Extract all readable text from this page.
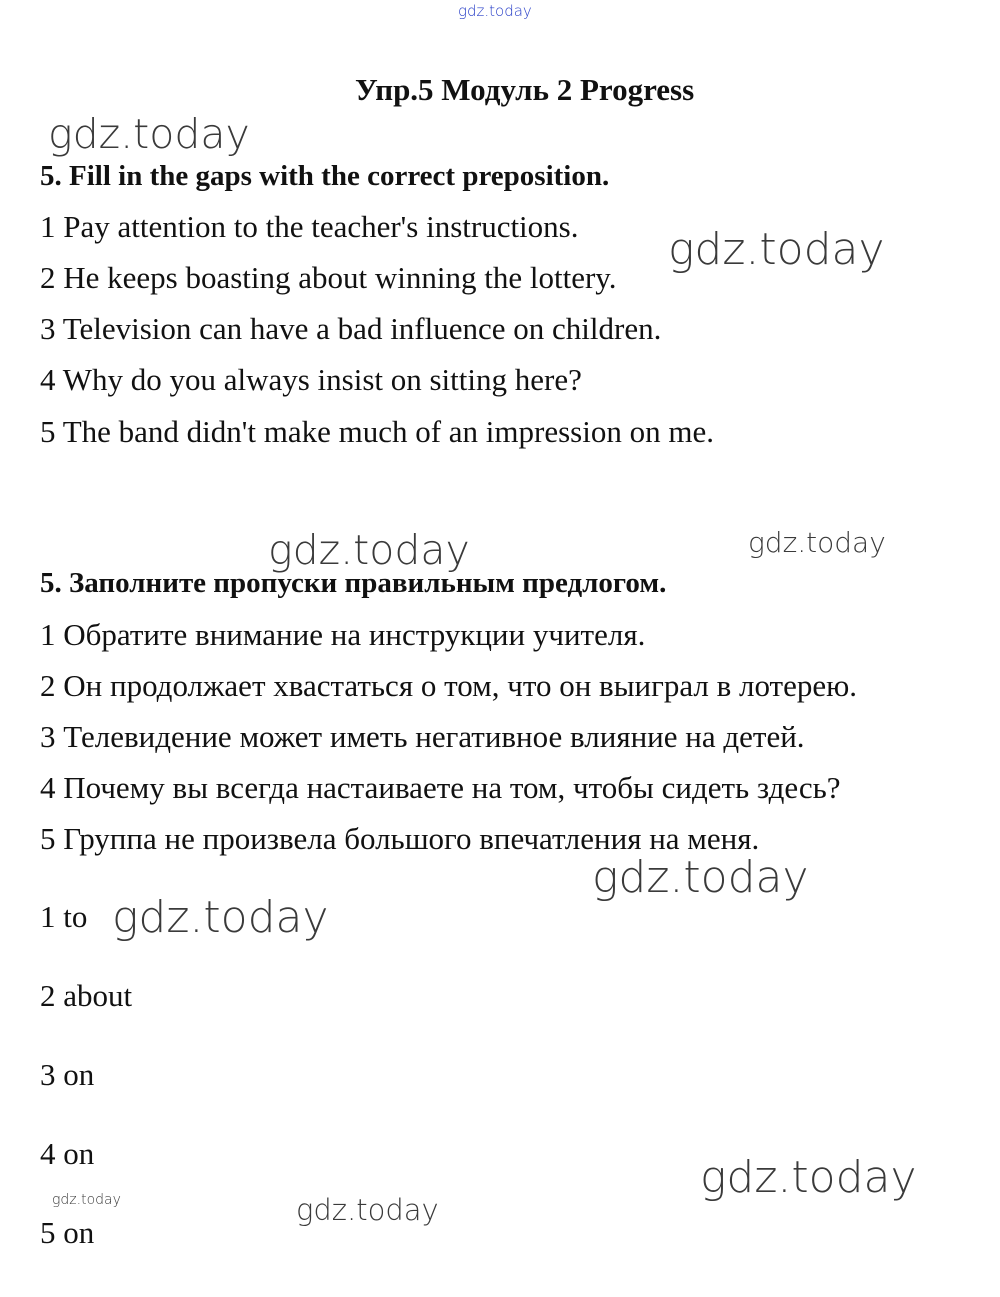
gdz.today
gdz.today
gdz.today
gdz.today	gdz.today
gdz.today
gdz.today
gdz.today
gdz.today	gdz.today
Упр.5 Модуль 2 Progress
5. Fill in the gaps with the correct preposition.
1 Pay attention to the teacher's instructions.
2 He keeps boasting about winning the lottery.
3 Television can have a bad influence on children.
4 Why do you always insist on sitting here?
5 The band didn't make much of an impression on me.
5. Заполните пропуски правильным предлогом.
1 Обратите внимание на инструкции учителя.
2 Он продолжает хвастаться о том, что он выиграл в лотерею.
3 Телевидение может иметь негативное влияние на детей.
4 Почему вы всегда настаиваете на том, чтобы сидеть здесь?
5 Группа не произвела большого впечатления на меня.
1 to
2 about
3 on
4 on
5 on
